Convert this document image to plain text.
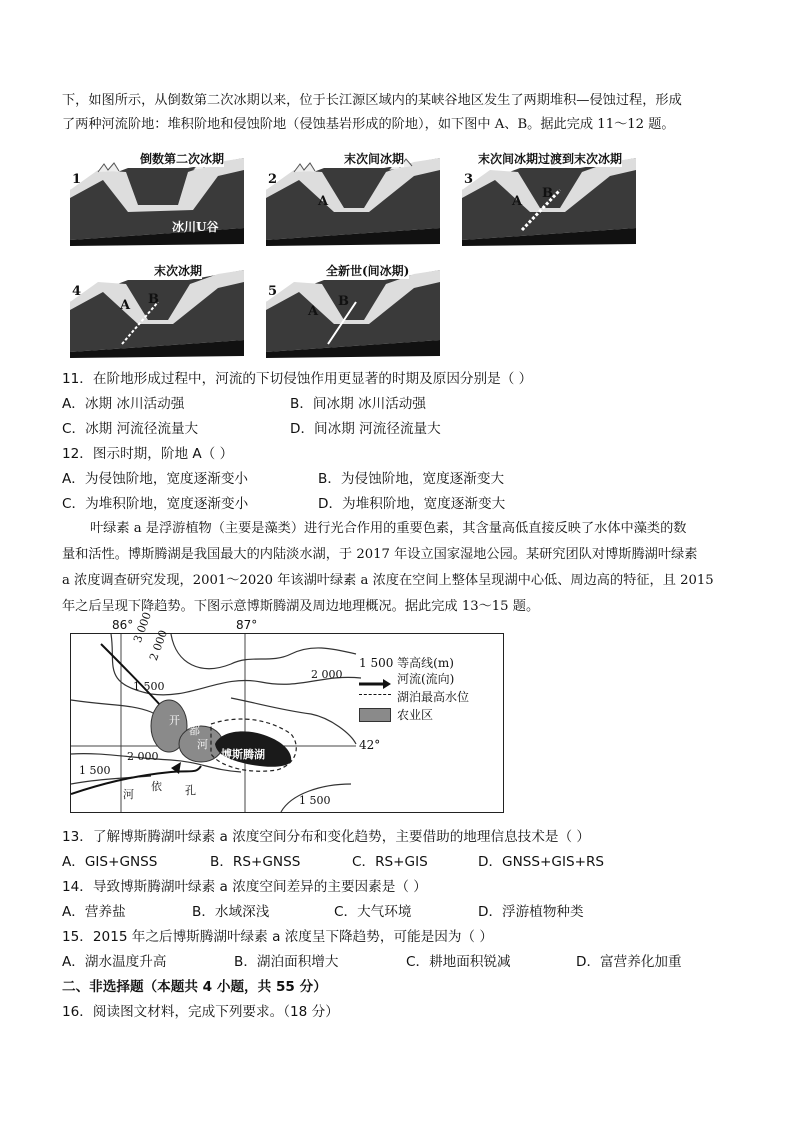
下，如图所示，从倒数第二次冰期以来，位于长江源区域内的某峡谷地区发生了两期堆积—侵蚀过程，形成
了两种河流阶地：堆积阶地和侵蚀阶地（侵蚀基岩形成的阶地），如下图中 A、B。据此完成 11～12 题。
1
倒数第二次冰期
冰川U谷
2
末次间冰期
A
3
末次间冰期过渡到末次冰期
A
B
4
末次冰期
A B
5
全新世(间冰期)
A
B
11．在阶地形成过程中，河流的下切侵蚀作用更显著的时期及原因分别是（ ）
A．冰期 冰川活动强	B．间冰期 冰川活动强
C．冰期 河流径流量大	D．间冰期 河流径流量大
12．图示时期，阶地 A（ ）
A．为侵蚀阶地，宽度逐渐变小	B．为侵蚀阶地，宽度逐渐变大
C．为堆积阶地，宽度逐渐变小	D．为堆积阶地，宽度逐渐变大
叶绿素 a 是浮游植物（主要是藻类）进行光合作用的重要色素，其含量高低直接反映了水体中藻类的数
量和活性。博斯腾湖是我国最大的内陆淡水湖，于 2017 年设立国家湿地公园。某研究团队对博斯腾湖叶绿素
a 浓度调查研究发现，2001～2020 年该湖叶绿素 a 浓度在空间上整体呈现湖中心低、周边高的特征，且 2015
年之后呈现下降趋势。下图示意博斯腾湖及周边地理概况。据此完成 13～15 题。
86°	87°
3 000
2 000
1 500
2 000
2 000
1 500
1 500
博斯腾湖
开
都
河
河
依 孔
42°
1 500 等高线(m)
河流(流向)
湖泊最高水位
农业区
13．了解博斯腾湖叶绿素 a 浓度空间分布和变化趋势，主要借助的地理信息技术是（ ）
A．GIS+GNSS	B．RS+GNSS	C．RS+GIS	D．GNSS+GIS+RS
14．导致博斯腾湖叶绿素 a 浓度空间差异的主要因素是（ ）
A．营养盐	B．水域深浅	C．大气环境	D．浮游植物种类
15．2015 年之后博斯腾湖叶绿素 a 浓度呈下降趋势，可能是因为（ ）
A．湖水温度升高	B．湖泊面积增大	C．耕地面积锐减	D．富营养化加重
二、非选择题（本题共 4 小题，共 55 分）
16．阅读图文材料，完成下列要求。（18 分）
